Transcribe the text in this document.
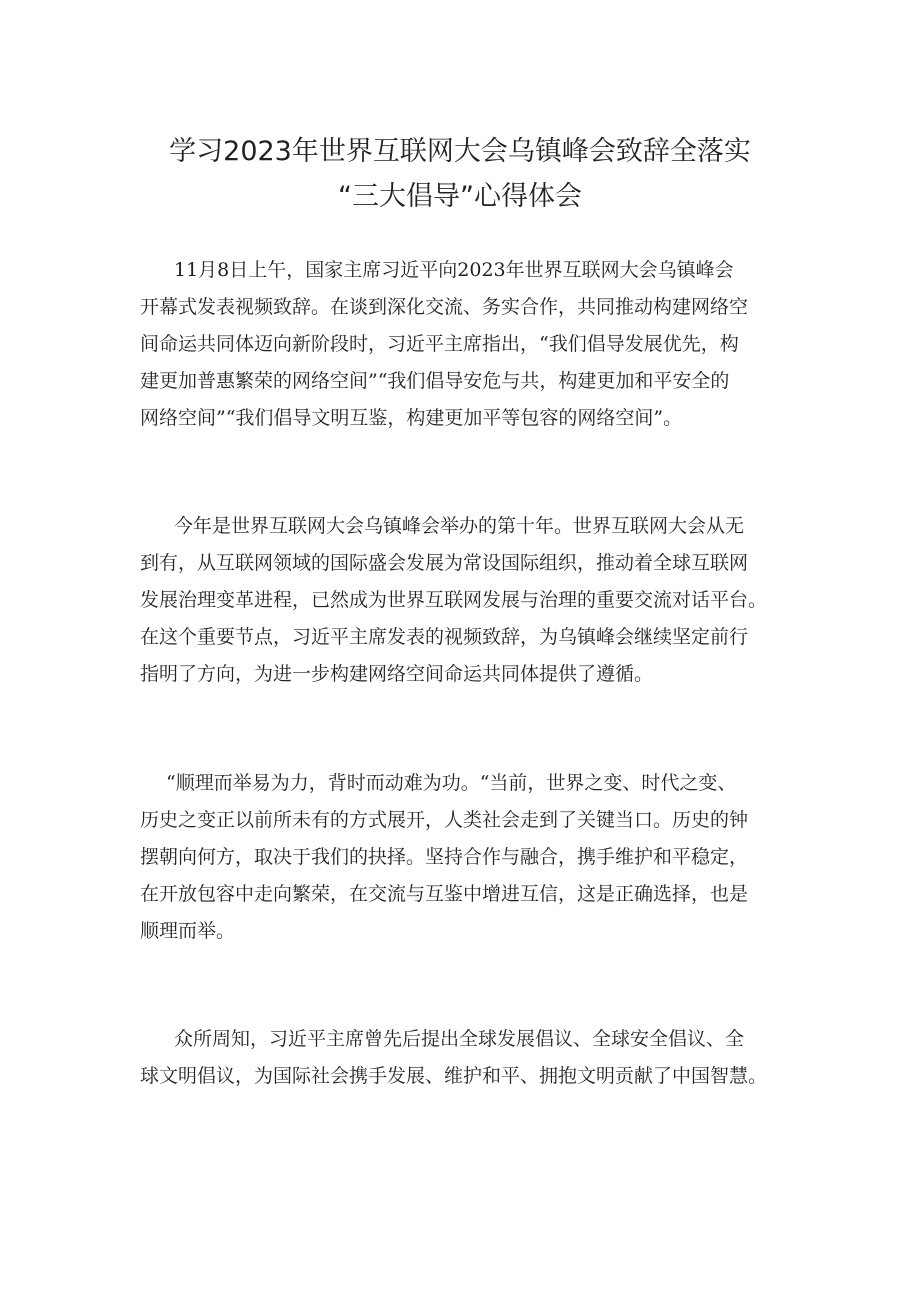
学习2023年世界互联网大会乌镇峰会致辞全落实
“三大倡导”心得体会
11月8日上午，国家主席习近平向2023年世界互联网大会乌镇峰会
开幕式发表视频致辞。在谈到深化交流、务实合作，共同推动构建网络空
间命运共同体迈向新阶段时，习近平主席指出，“我们倡导发展优先，构
建更加普惠繁荣的网络空间”“我们倡导安危与共，构建更加和平安全的
网络空间”“我们倡导文明互鉴，构建更加平等包容的网络空间”。
今年是世界互联网大会乌镇峰会举办的第十年。世界互联网大会从无
到有，从互联网领域的国际盛会发展为常设国际组织，推动着全球互联网
发展治理变革进程，已然成为世界互联网发展与治理的重要交流对话平台。
在这个重要节点，习近平主席发表的视频致辞，为乌镇峰会继续坚定前行
指明了方向，为进一步构建网络空间命运共同体提供了遵循。
“顺理而举易为力，背时而动难为功。“当前，世界之变、时代之变、
历史之变正以前所未有的方式展开，人类社会走到了关键当口。历史的钟
摆朝向何方，取决于我们的抉择。坚持合作与融合，携手维护和平稳定，
在开放包容中走向繁荣，在交流与互鉴中增进互信，这是正确选择，也是
顺理而举。
众所周知，习近平主席曾先后提出全球发展倡议、全球安全倡议、全
球文明倡议，为国际社会携手发展、维护和平、拥抱文明贡献了中国智慧。
